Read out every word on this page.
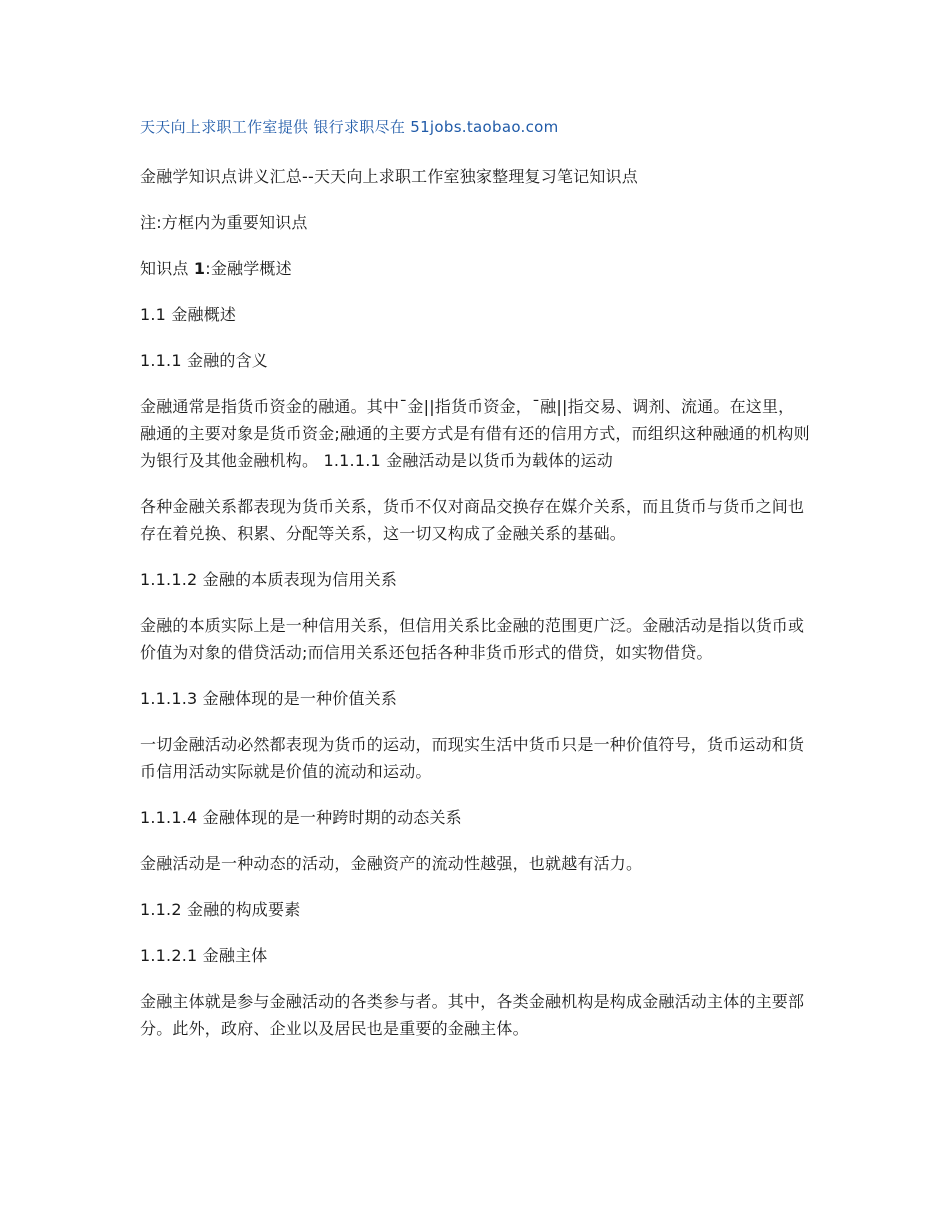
天天向上求职工作室提供 银行求职尽在 51jobs.taobao.com
金融学知识点讲义汇总--天天向上求职工作室独家整理复习笔记知识点
注:方框内为重要知识点
知识点 1:金融学概述
1.1 金融概述
1.1.1 金融的含义
金融通常是指货币资金的融通。其中¯金||指货币资金，¯融||指交易、调剂、流通。在这里，融通的主要对象是货币资金;融通的主要方式是有借有还的信用方式，而组织这种融通的机构则为银行及其他金融机构。 1.1.1.1 金融活动是以货币为载体的运动
各种金融关系都表现为货币关系，货币不仅对商品交换存在媒介关系，而且货币与货币之间也存在着兑换、积累、分配等关系，这一切又构成了金融关系的基础。
1.1.1.2 金融的本质表现为信用关系
金融的本质实际上是一种信用关系，但信用关系比金融的范围更广泛。金融活动是指以货币或价值为对象的借贷活动;而信用关系还包括各种非货币形式的借贷，如实物借贷。
1.1.1.3 金融体现的是一种价值关系
一切金融活动必然都表现为货币的运动，而现实生活中货币只是一种价值符号，货币运动和货币信用活动实际就是价值的流动和运动。
1.1.1.4 金融体现的是一种跨时期的动态关系
金融活动是一种动态的活动，金融资产的流动性越强，也就越有活力。
1.1.2 金融的构成要素
1.1.2.1 金融主体
金融主体就是参与金融活动的各类参与者。其中，各类金融机构是构成金融活动主体的主要部分。此外，政府、企业以及居民也是重要的金融主体。
